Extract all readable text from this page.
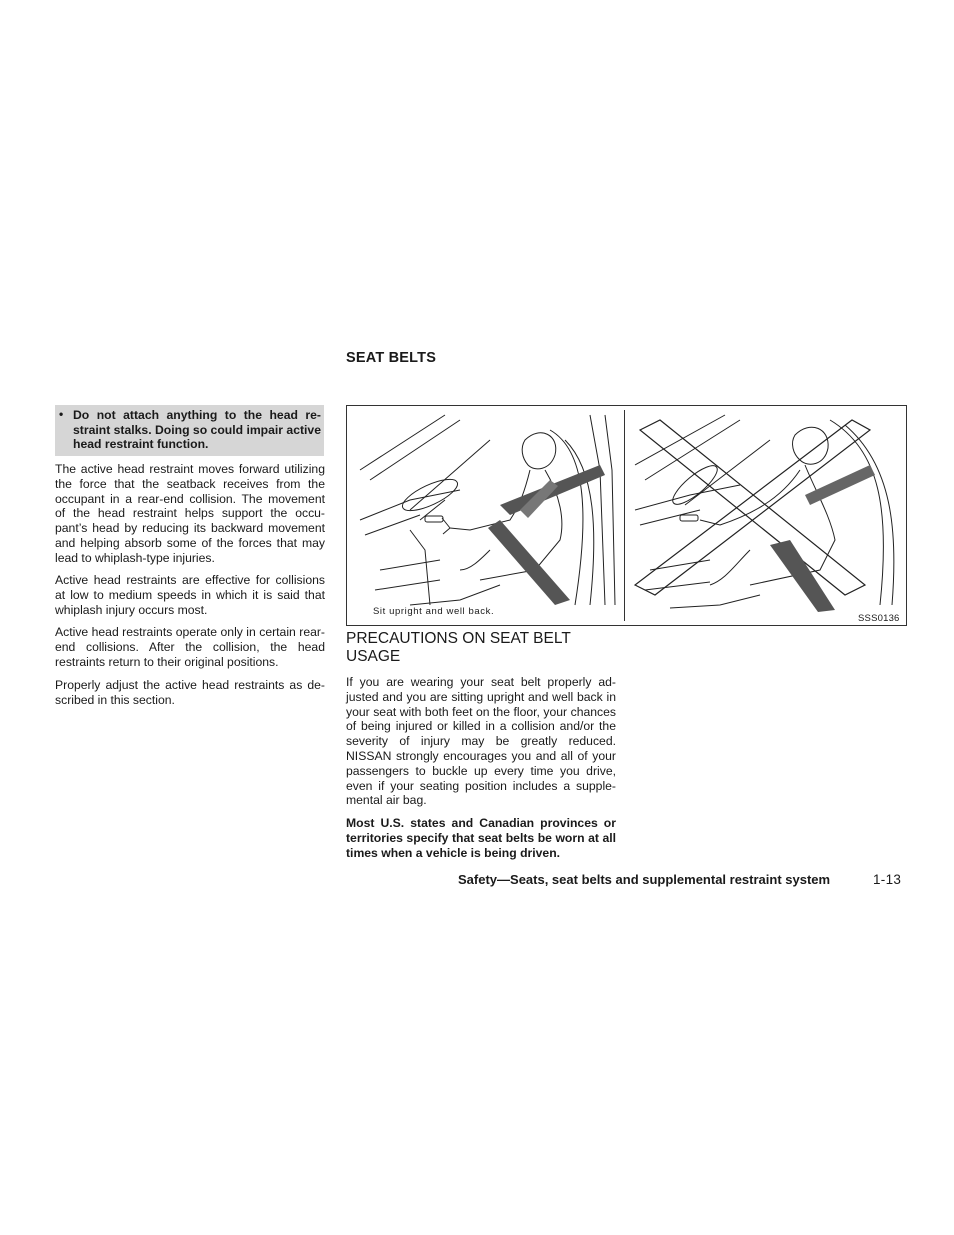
• Do not attach anything to the head re- straint stalks. Doing so could impair active head restraint function.

The active head restraint moves forward utilizing the force that the seatback receives from the occupant in a rear-end collision. The movement of the head restraint helps support the occu- pant’s head by reducing its backward movement and helping absorb some of the forces that may lead to whiplash-type injuries.

Active head restraints are effective for collisions at low to medium speeds in which it is said that whiplash injury occurs most.

Active head restraints operate only in certain rear-end collisions. After the collision, the head restraints return to their original positions.

Properly adjust the active head restraints as de- scribed in this section.

SEAT BELTS
Sit upright and well back.
SSS0136
PRECAUTIONS ON SEAT BELT USAGE

If you are wearing your seat belt properly ad- justed and you are sitting upright and well back in your seat with both feet on the floor, your chances of being injured or killed in a collision and/or the severity of injury may be greatly reduced. NISSAN strongly encourages you and all of your passengers to buckle up every time you drive, even if your seating position includes a supple- mental air bag.

Most U.S. states and Canadian provinces or territories specify that seat belts be worn at all times when a vehicle is being driven.

Safety—Seats, seat belts and supplemental restraint system	1-13
